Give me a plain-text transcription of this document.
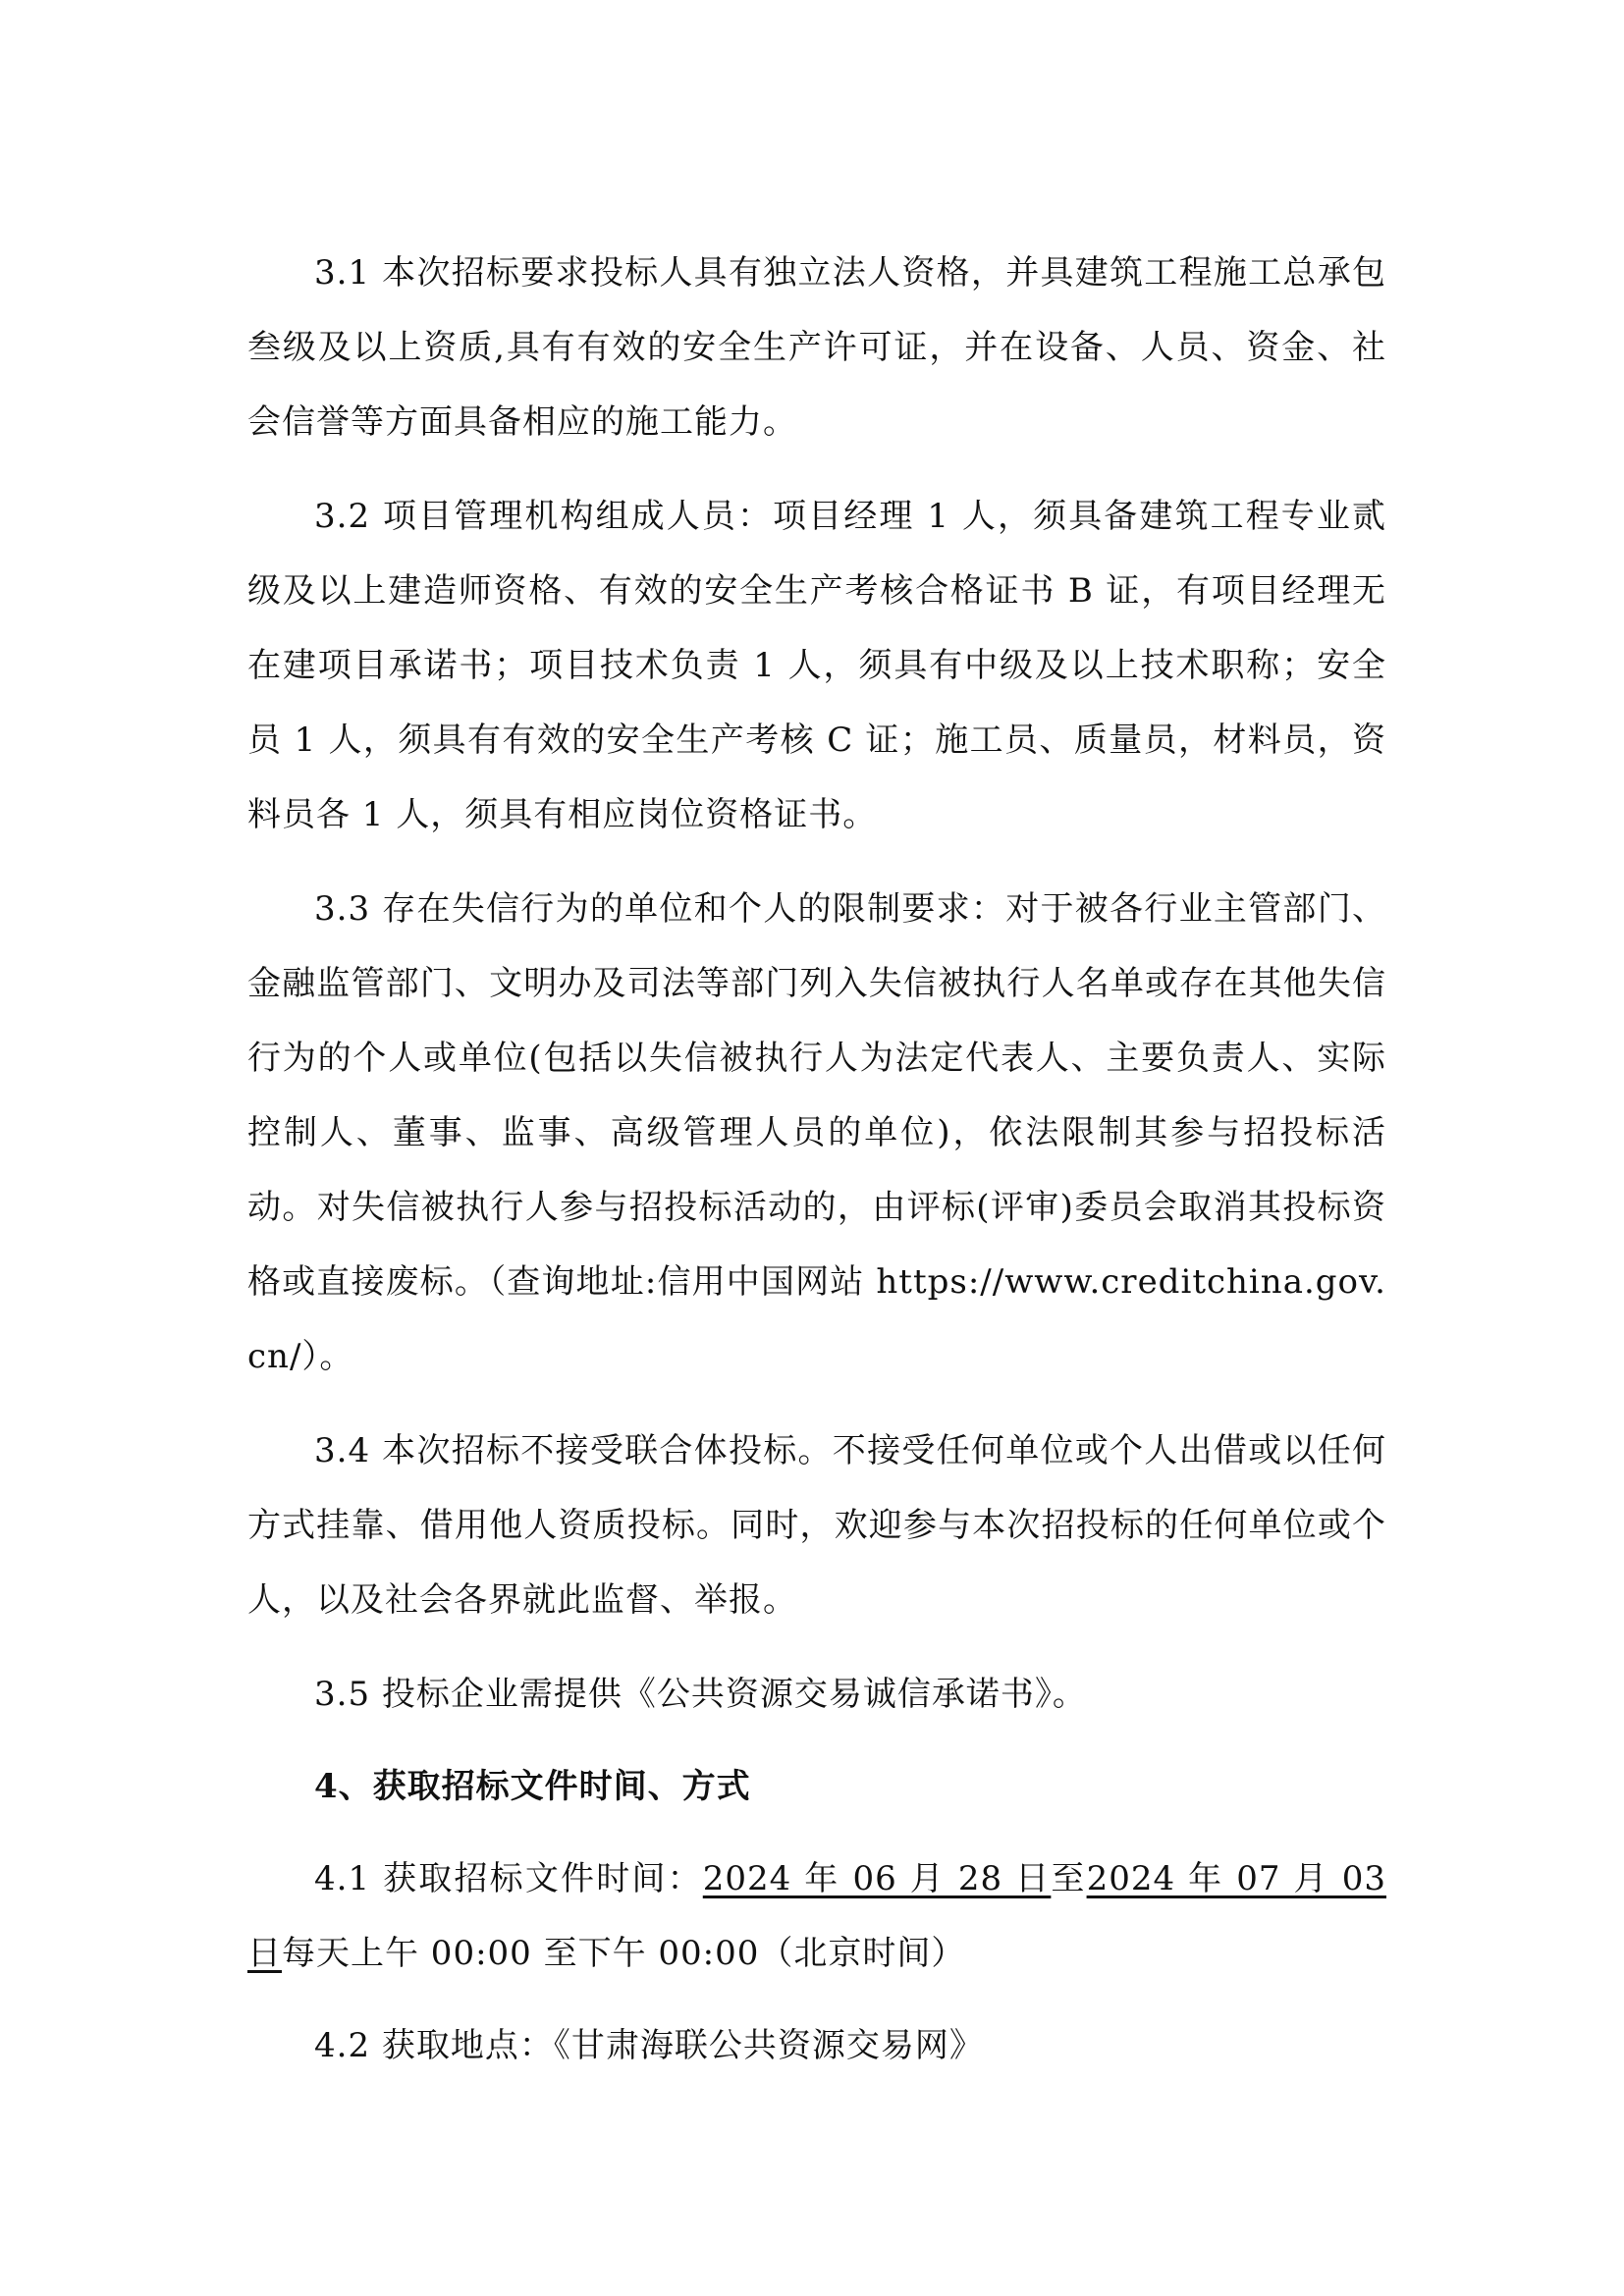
3.1 本次招标要求投标人具有独立法人资格，并具建筑工程施工总承包叁级及以上资质,具有有效的安全生产许可证，并在设备、人员、资金、社会信誉等方面具备相应的施工能力。

3.2 项目管理机构组成人员：项目经理 1 人，须具备建筑工程专业贰级及以上建造师资格、有效的安全生产考核合格证书 B 证，有项目经理无在建项目承诺书；项目技术负责 1 人，须具有中级及以上技术职称；安全员 1 人，须具有有效的安全生产考核 C 证；施工员、质量员，材料员，资料员各 1 人，须具有相应岗位资格证书。

3.3 存在失信行为的单位和个人的限制要求：对于被各行业主管部门、金融监管部门、文明办及司法等部门列入失信被执行人名单或存在其他失信行为的个人或单位(包括以失信被执行人为法定代表人、主要负责人、实际控制人、董事、监事、高级管理人员的单位)，依法限制其参与招投标活动。对失信被执行人参与招投标活动的，由评标(评审)委员会取消其投标资格或直接废标。（查询地址:信用中国网站 https://www.creditchina.gov.cn/）。

3.4 本次招标不接受联合体投标。不接受任何单位或个人出借或以任何方式挂靠、借用他人资质投标。同时，欢迎参与本次招投标的任何单位或个人，以及社会各界就此监督、举报。

3.5 投标企业需提供《公共资源交易诚信承诺书》。

4、获取招标文件时间、方式

4.1 获取招标文件时间：2024 年 06 月 28 日至2024 年 07 月 03 日每天上午 00:00 至下午 00:00（北京时间）

4.2 获取地点：《甘肃海联公共资源交易网》
